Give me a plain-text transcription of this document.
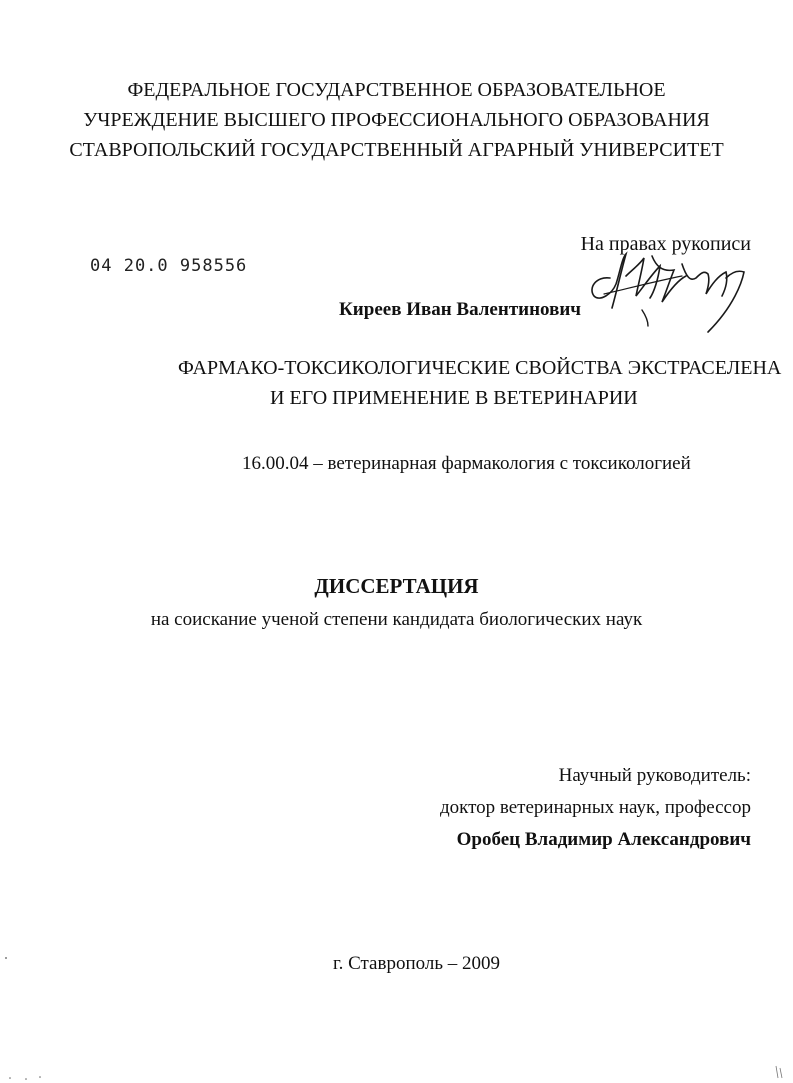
ФЕДЕРАЛЬНОЕ ГОСУДАРСТВЕННОЕ ОБРАЗОВАТЕЛЬНОЕ
УЧРЕЖДЕНИЕ ВЫСШЕГО ПРОФЕССИОНАЛЬНОГО ОБРАЗОВАНИЯ
СТАВРОПОЛЬСКИЙ ГОСУДАРСТВЕННЫЙ АГРАРНЫЙ УНИВЕРСИТЕТ
04 20.0 958556
На правах рукописи
Киреев Иван Валентинович
ФАРМАКО-ТОКСИКОЛОГИЧЕСКИЕ СВОЙСТВА ЭКСТРАСЕЛЕНА
И ЕГО ПРИМЕНЕНИЕ В ВЕТЕРИНАРИИ
16.00.04 – ветеринарная фармакология с токсикологией
ДИССЕРТАЦИЯ
на соискание ученой степени кандидата биологических наук
Научный руководитель:
доктор ветеринарных наук, профессор
Оробец Владимир Александрович
г. Ставрополь – 2009
